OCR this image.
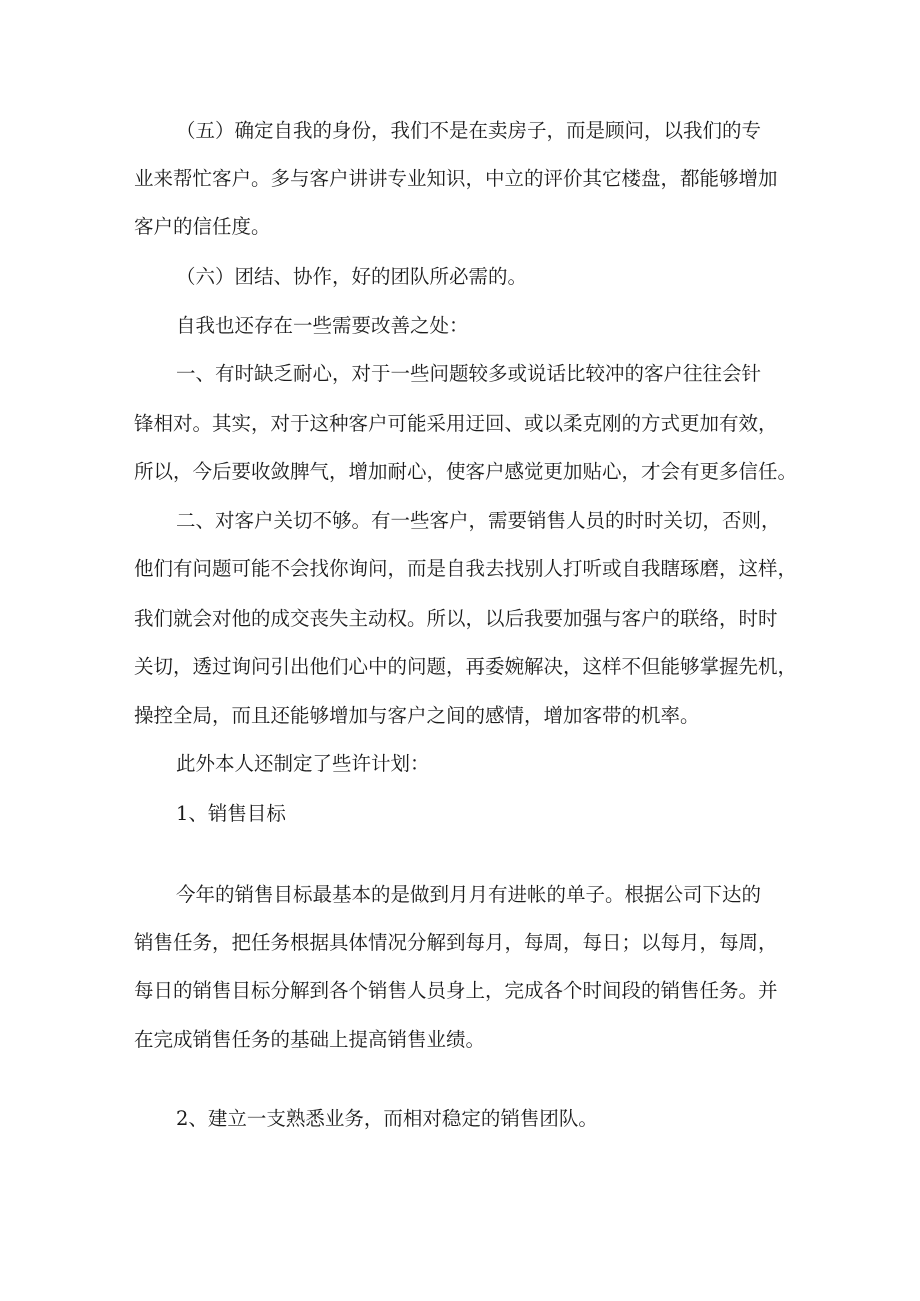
（五）确定自我的身份，我们不是在卖房子，而是顾问，以我们的专
业来帮忙客户。多与客户讲讲专业知识，中立的评价其它楼盘，都能够增加
客户的信任度。
（六）团结、协作，好的团队所必需的。
自我也还存在一些需要改善之处：
一、有时缺乏耐心，对于一些问题较多或说话比较冲的客户往往会针
锋相对。其实，对于这种客户可能采用迂回、或以柔克刚的方式更加有效，
所以，今后要收敛脾气，增加耐心，使客户感觉更加贴心，才会有更多信任。
二、对客户关切不够。有一些客户，需要销售人员的时时关切，否则，
他们有问题可能不会找你询问，而是自我去找别人打听或自我瞎琢磨，这样，
我们就会对他的成交丧失主动权。所以，以后我要加强与客户的联络，时时
关切，透过询问引出他们心中的问题，再委婉解决，这样不但能够掌握先机，
操控全局，而且还能够增加与客户之间的感情，增加客带的机率。
此外本人还制定了些许计划：
1、销售目标
今年的销售目标最基本的是做到月月有进帐的单子。根据公司下达的
销售任务，把任务根据具体情况分解到每月，每周，每日；以每月，每周，
每日的销售目标分解到各个销售人员身上，完成各个时间段的销售任务。并
在完成销售任务的基础上提高销售业绩。
2、建立一支熟悉业务，而相对稳定的销售团队。
